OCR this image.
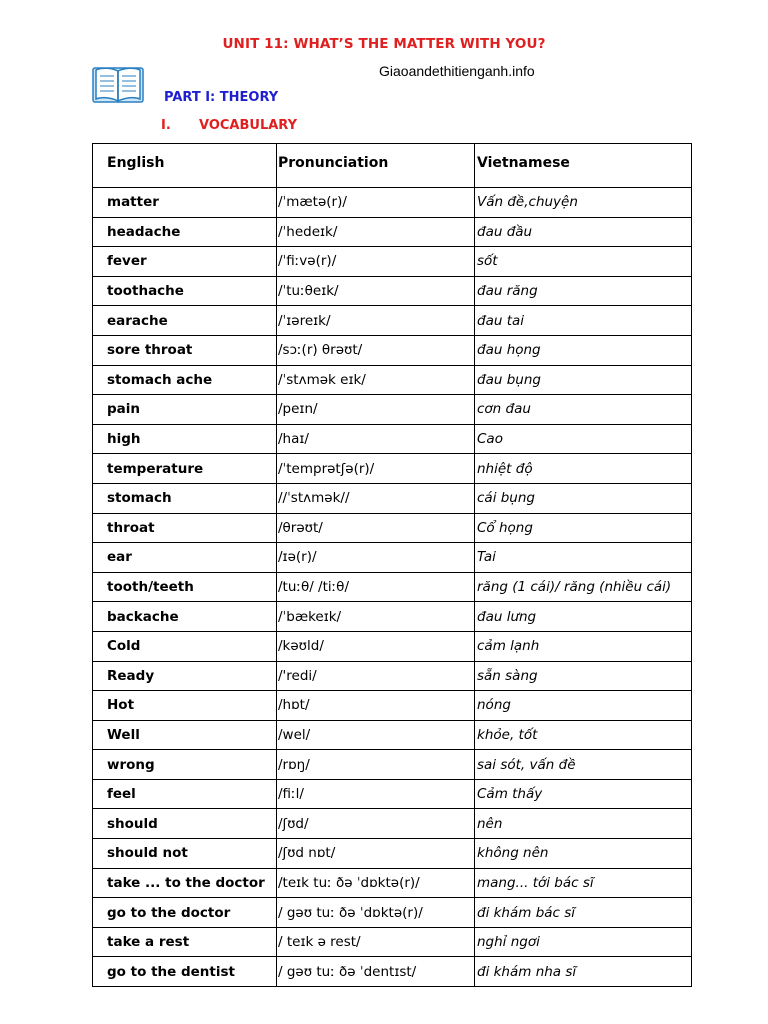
UNIT 11: WHAT’S THE MATTER WITH YOU?
Giaoandethitienganh.info
PART I: THEORY
I. VOCABULARY
English	Pronunciation	Vietnamese
matter	/ˈmætə(r)/	Vấn đề,chuyện
headache	/ˈhedeɪk/	đau đầu
fever	/ˈfiːvə(r)/	sốt
toothache	/ˈtuːθeɪk/	đau răng
earache	/ˈɪəreɪk/	đau tai
sore throat	/sɔː(r) θrəʊt/	đau họng
stomach ache	/ˈstʌmək eɪk/	đau bụng
pain	/peɪn/	cơn đau
high	/haɪ/	Cao
temperature	/ˈtemprətʃə(r)/	nhiệt độ
stomach	//ˈstʌmək//	cái bụng
throat	/θrəʊt/	Cổ họng
ear	/ɪə(r)/	Tai
tooth/teeth	/tuːθ/ /tiːθ/	răng (1 cái)/ răng (nhiều cái)
backache	/ˈbækeɪk/	đau lưng
Cold	/kəʊld/	cảm lạnh
Ready	/'redi/	sẵn sàng
Hot	/hɒt/	nóng
Well	/wel/	khỏe, tốt
wrong	/rɒŋ/	sai sót, vấn đề
feel	/fiːl/	Cảm thấy
should	/ʃʊd/	nên
should not	/ʃʊd nɒt/	không nên
take ... to the doctor	/teɪk tuː ðə ˈdɒktə(r)/	mang... tới bác sĩ
go to the doctor	/ gəʊ tuː ðə ˈdɒktə(r)/	đi khám bác sĩ
take a rest	/ teɪk ə rest/	nghỉ ngơi
go to the dentist	/ gəʊ tuː ðə ˈdentɪst/	đi khám nha sĩ
